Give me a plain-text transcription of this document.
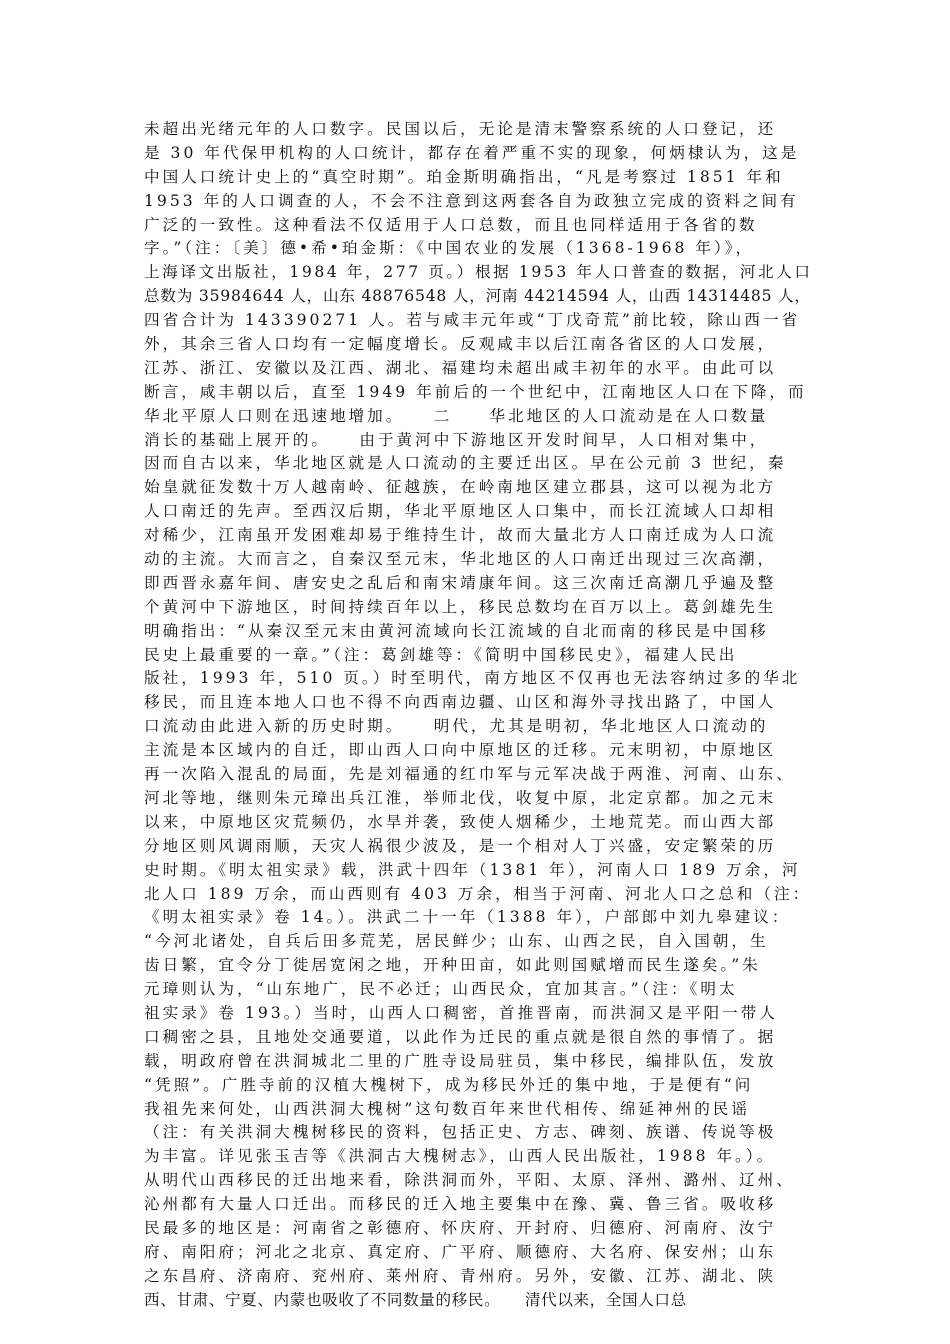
未超出光绪元年的人口数字。民国以后，无论是清末警察系统的人口登记，还
是 30 年代保甲机构的人口统计，都存在着严重不实的现象，何炳棣认为，这是
中国人口统计史上的“真空时期”。珀金斯明确指出，“凡是考察过 1851 年和
1953 年的人口调查的人，不会不注意到这两套各自为政独立完成的资料之间有
广泛的一致性。这种看法不仅适用于人口总数，而且也同样适用于各省的数
字。”（注：〔美〕德•希•珀金斯：《中国农业的发展（1368-1968 年）》，
上海译文出版社，1984 年，277 页。）根据 1953 年人口普查的数据，河北人口
总数为 35984644 人，山东 48876548 人，河南 44214594 人，山西 14314485 人，
四省合计为 143390271 人。若与咸丰元年或“丁戊奇荒”前比较，除山西一省
外，其余三省人口均有一定幅度增长。反观咸丰以后江南各省区的人口发展，
江苏、浙江、安徽以及江西、湖北、福建均未超出咸丰初年的水平。由此可以
断言，咸丰朝以后，直至 1949 年前后的一个世纪中，江南地区人口在下降，而
华北平原人口则在迅速地增加。　　二　　华北地区的人口流动是在人口数量
消长的基础上展开的。　　由于黄河中下游地区开发时间早，人口相对集中，
因而自古以来，华北地区就是人口流动的主要迁出区。早在公元前 3 世纪，秦
始皇就征发数十万人越南岭、征越族，在岭南地区建立郡县，这可以视为北方
人口南迁的先声。至西汉后期，华北平原地区人口集中，而长江流域人口却相
对稀少，江南虽开发困难却易于维持生计，故而大量北方人口南迁成为人口流
动的主流。大而言之，自秦汉至元末，华北地区的人口南迁出现过三次高潮，
即西晋永嘉年间、唐安史之乱后和南宋靖康年间。这三次南迁高潮几乎遍及整
个黄河中下游地区，时间持续百年以上，移民总数均在百万以上。葛剑雄先生
明确指出：“从秦汉至元末由黄河流域向长江流域的自北而南的移民是中国移
民史上最重要的一章。”（注：葛剑雄等：《简明中国移民史》，福建人民出
版社，1993 年，510 页。）时至明代，南方地区不仅再也无法容纳过多的华北
移民，而且连本地人口也不得不向西南边疆、山区和海外寻找出路了，中国人
口流动由此进入新的历史时期。　　明代，尤其是明初，华北地区人口流动的
主流是本区域内的自迁，即山西人口向中原地区的迁移。元末明初，中原地区
再一次陷入混乱的局面，先是刘福通的红巾军与元军决战于两淮、河南、山东、
河北等地，继则朱元璋出兵江淮，举师北伐，收复中原，北定京都。加之元末
以来，中原地区灾荒频仍，水旱并袭，致使人烟稀少，土地荒芜。而山西大部
分地区则风调雨顺，天灾人祸很少波及，是一个相对人丁兴盛，安定繁荣的历
史时期。《明太祖实录》载，洪武十四年（1381 年），河南人口 189 万余，河
北人口 189 万余，而山西则有 403 万余，相当于河南、河北人口之总和（注：
《明太祖实录》卷 14。）。洪武二十一年（1388 年），户部郎中刘九皋建议：
“今河北诸处，自兵后田多荒芜，居民鲜少；山东、山西之民，自入国朝，生
齿日繁，宜令分丁徙居宽闲之地，开种田亩，如此则国赋增而民生遂矣。”朱
元璋则认为，“山东地广，民不必迁；山西民众，宜加其言。”（注：《明太
祖实录》卷 193。）当时，山西人口稠密，首推晋南，而洪洞又是平阳一带人
口稠密之县，且地处交通要道，以此作为迁民的重点就是很自然的事情了。据
载，明政府曾在洪洞城北二里的广胜寺设局驻员，集中移民，编排队伍，发放
“凭照”。广胜寺前的汉植大槐树下，成为移民外迁的集中地，于是便有“问
我祖先来何处，山西洪洞大槐树”这句数百年来世代相传、绵延神州的民谣
（注：有关洪洞大槐树移民的资料，包括正史、方志、碑刻、族谱、传说等极
为丰富。详见张玉吉等《洪洞古大槐树志》，山西人民出版社，1988 年。）。
从明代山西移民的迁出地来看，除洪洞而外，平阳、太原、泽州、潞州、辽州、
沁州都有大量人口迁出。而移民的迁入地主要集中在豫、冀、鲁三省。吸收移
民最多的地区是：河南省之彰德府、怀庆府、开封府、归德府、河南府、汝宁
府、南阳府；河北之北京、真定府、广平府、顺德府、大名府、保安州；山东
之东昌府、济南府、兖州府、莱州府、青州府。另外，安徽、江苏、湖北、陕
西、甘肃、宁夏、内蒙也吸收了不同数量的移民。　　清代以来，全国人口总
